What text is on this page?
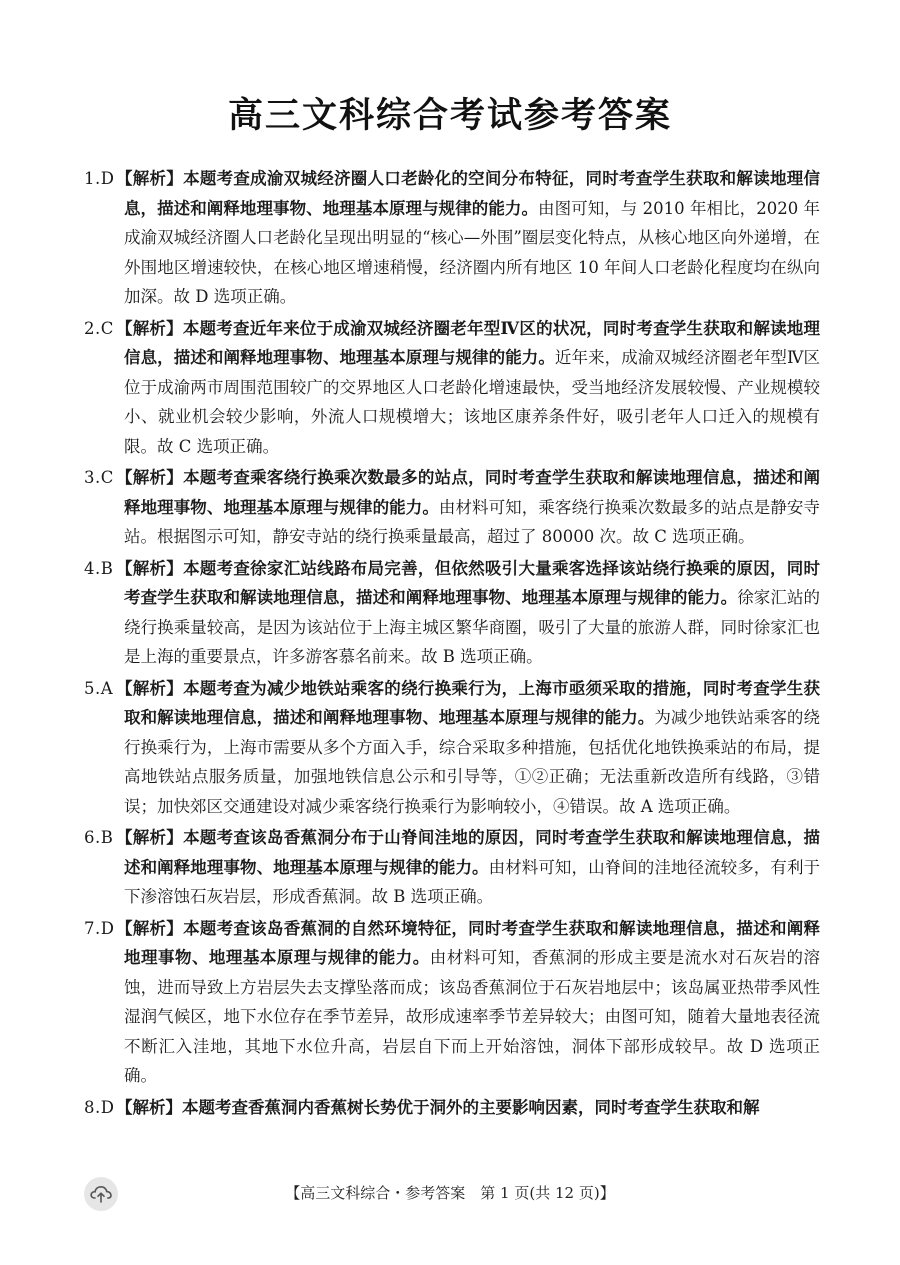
高三文科综合考试参考答案
1.D 【解析】本题考查成渝双城经济圈人口老龄化的空间分布特征，同时考查学生获取和解读地理信息，描述和阐释地理事物、地理基本原理与规律的能力。由图可知，与 2010 年相比，2020 年成渝双城经济圈人口老龄化呈现出明显的“核心—外围”圈层变化特点，从核心地区向外递增，在外围地区增速较快，在核心地区增速稍慢，经济圈内所有地区 10 年间人口老龄化程度均在纵向加深。故 D 选项正确。
2.C 【解析】本题考查近年来位于成渝双城经济圈老年型Ⅳ区的状况，同时考查学生获取和解读地理信息，描述和阐释地理事物、地理基本原理与规律的能力。近年来，成渝双城经济圈老年型Ⅳ区位于成渝两市周围范围较广的交界地区人口老龄化增速最快，受当地经济发展较慢、产业规模较小、就业机会较少影响，外流人口规模增大；该地区康养条件好，吸引老年人口迁入的规模有限。故 C 选项正确。
3.C 【解析】本题考查乘客绕行换乘次数最多的站点，同时考查学生获取和解读地理信息，描述和阐释地理事物、地理基本原理与规律的能力。由材料可知，乘客绕行换乘次数最多的站点是静安寺站。根据图示可知，静安寺站的绕行换乘量最高，超过了 80000 次。故 C 选项正确。
4.B 【解析】本题考查徐家汇站线路布局完善，但依然吸引大量乘客选择该站绕行换乘的原因，同时考查学生获取和解读地理信息，描述和阐释地理事物、地理基本原理与规律的能力。徐家汇站的绕行换乘量较高，是因为该站位于上海主城区繁华商圈，吸引了大量的旅游人群，同时徐家汇也是上海的重要景点，许多游客慕名前来。故 B 选项正确。
5.A 【解析】本题考查为减少地铁站乘客的绕行换乘行为，上海市亟须采取的措施，同时考查学生获取和解读地理信息，描述和阐释地理事物、地理基本原理与规律的能力。为减少地铁站乘客的绕行换乘行为，上海市需要从多个方面入手，综合采取多种措施，包括优化地铁换乘站的布局，提高地铁站点服务质量，加强地铁信息公示和引导等，①②正确；无法重新改造所有线路，③错误；加快郊区交通建设对减少乘客绕行换乘行为影响较小，④错误。故 A 选项正确。
6.B 【解析】本题考查该岛香蕉洞分布于山脊间洼地的原因，同时考查学生获取和解读地理信息，描述和阐释地理事物、地理基本原理与规律的能力。由材料可知，山脊间的洼地径流较多，有利于下渗溶蚀石灰岩层，形成香蕉洞。故 B 选项正确。
7.D 【解析】本题考查该岛香蕉洞的自然环境特征，同时考查学生获取和解读地理信息，描述和阐释地理事物、地理基本原理与规律的能力。由材料可知，香蕉洞的形成主要是流水对石灰岩的溶蚀，进而导致上方岩层失去支撑坠落而成；该岛香蕉洞位于石灰岩地层中；该岛属亚热带季风性湿润气候区，地下水位存在季节差异，故形成速率季节差异较大；由图可知，随着大量地表径流不断汇入洼地，其地下水位升高，岩层自下而上开始溶蚀，洞体下部形成较早。故 D 选项正确。
8.D 【解析】本题考查香蕉洞内香蕉树长势优于洞外的主要影响因素，同时考查学生获取和解
【高三文科综合・参考答案　第 1 页(共 12 页)】
